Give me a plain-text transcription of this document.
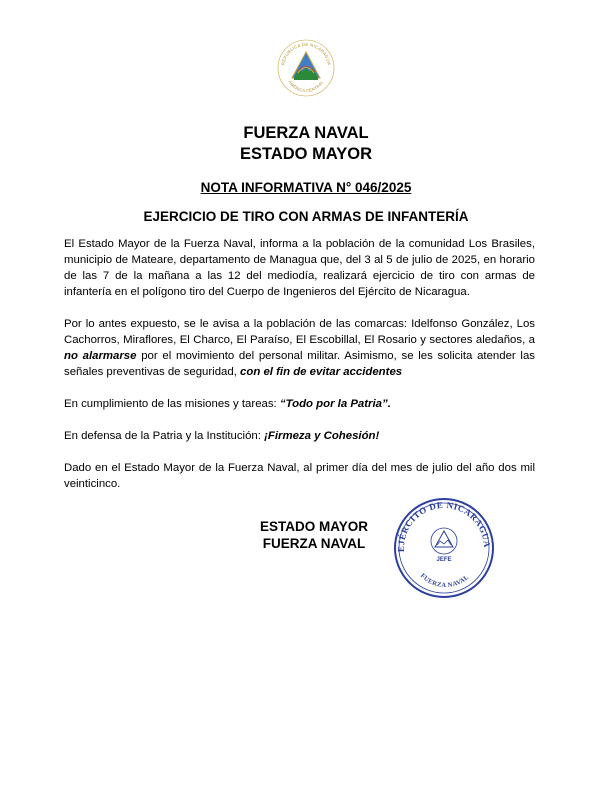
REPÚBLICA DE NICARAGUA
AMÉRICA CENTRAL
FUERZA NAVAL
ESTADO MAYOR
NOTA INFORMATIVA N° 046/2025
EJERCICIO DE TIRO CON ARMAS DE INFANTERÍA

El Estado Mayor de la Fuerza Naval, informa a la población de la comunidad Los Brasiles, municipio de Mateare, departamento de Managua que, del 3 al 5 de julio de 2025, en horario de las 7 de la mañana a las 12 del mediodía, realizará ejercicio de tiro con armas de infantería en el polígono tiro del Cuerpo de Ingenieros del Ejército de Nicaragua.

Por lo antes expuesto, se le avisa a la población de las comarcas: Idelfonso González, Los Cachorros, Miraflores, El Charco, El Paraíso, El Escobillal, El Rosario y sectores aledaños, a no alarmarse por el movimiento del personal militar. Asimismo, se les solicita atender las señales preventivas de seguridad, con el fin de evitar accidentes

En cumplimiento de las misiones y tareas: “Todo por la Patria”.

En defensa de la Patria y la Institución: ¡Firmeza y Cohesión!

Dado en el Estado Mayor de la Fuerza Naval, al primer día del mes de julio del año dos mil veinticinco.

ESTADO MAYOR
FUERZA NAVAL	EJÉRCITO DE NICARAGUA
FUERZA NAVAL
JEFE
